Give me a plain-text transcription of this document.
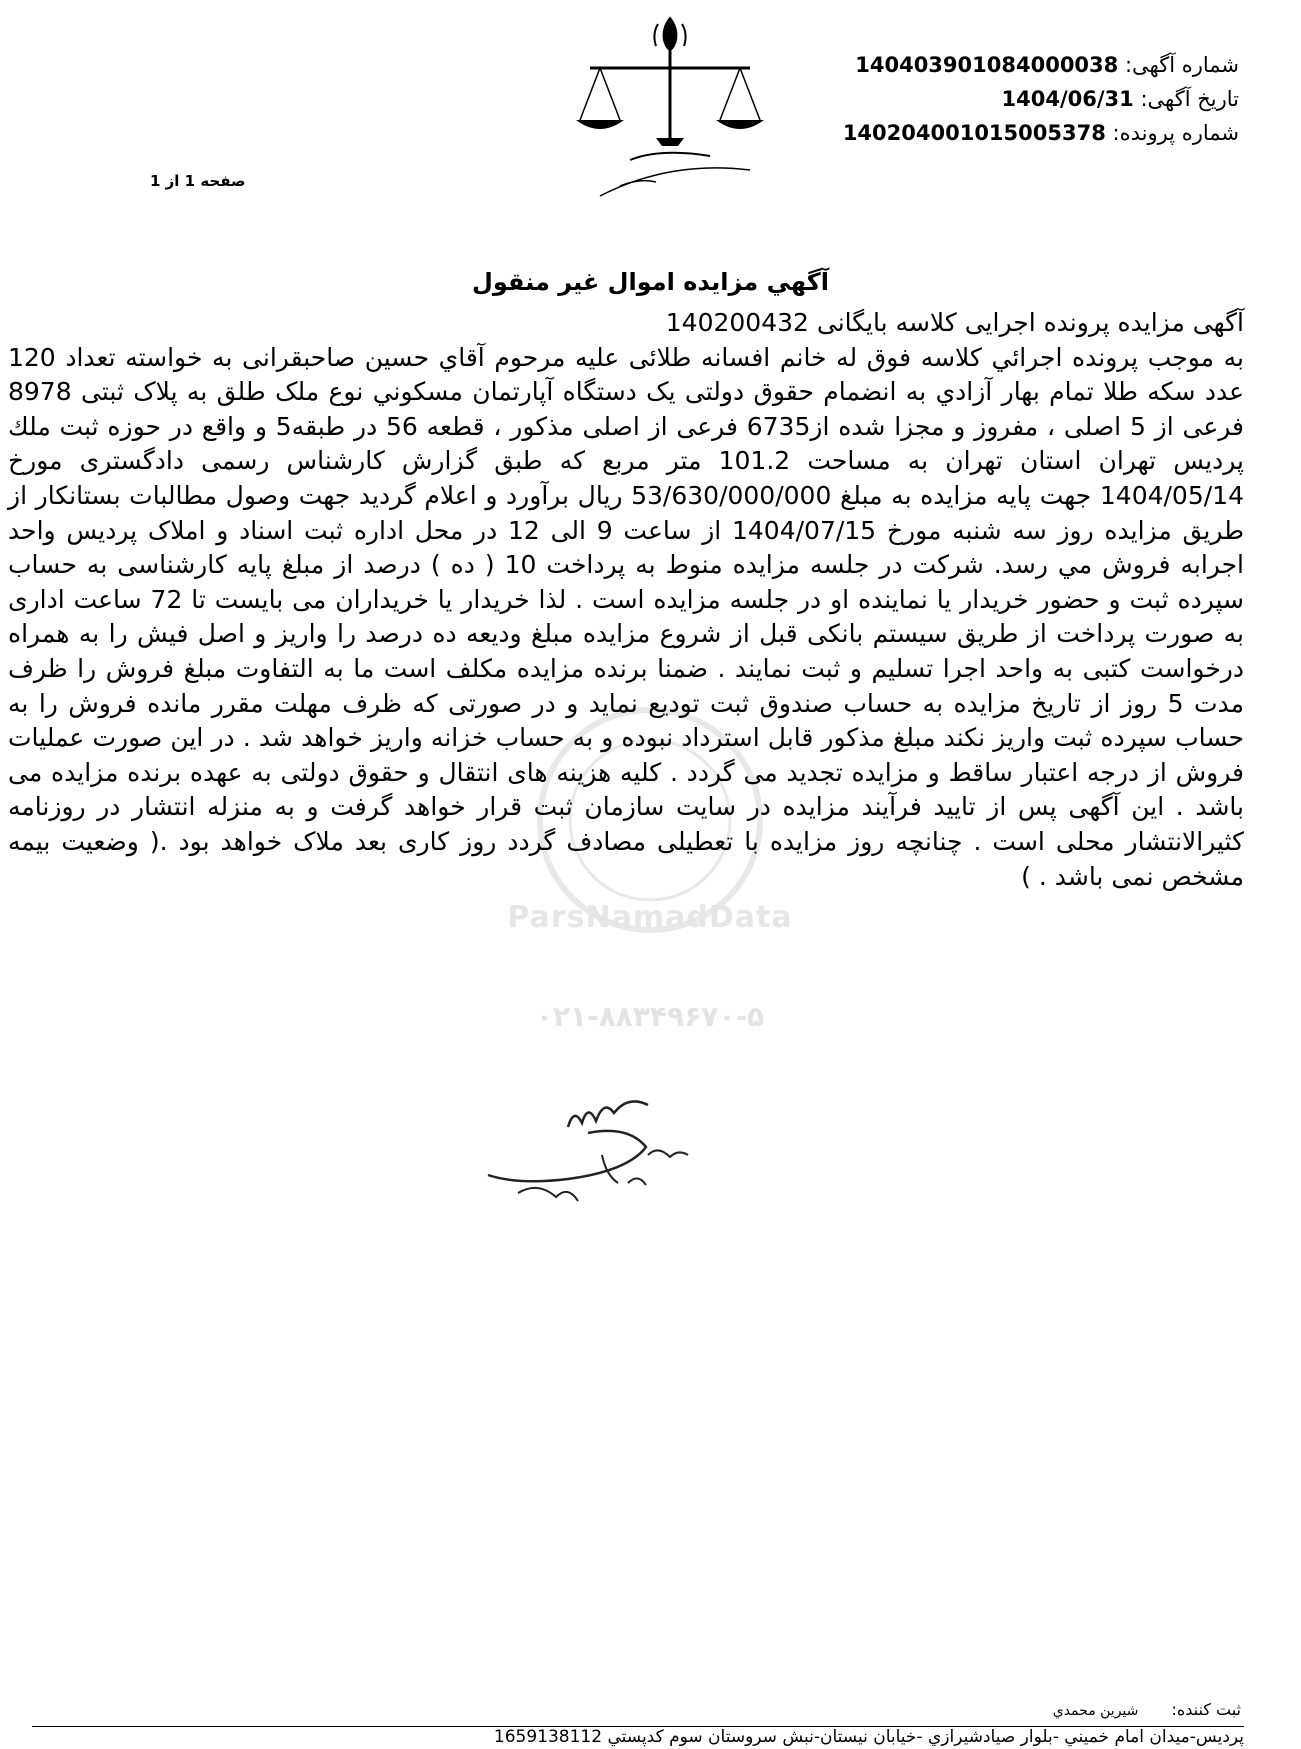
شماره آگهی: 14040390108400003‌8
تاریخ آگهی: 1404/06/31
شماره پرونده: 140204001015005378
صفحه 1 از 1
آگهي مزايده اموال غير منقول
ParsNamadData
۰۲۱-۸۸۳۴۹۶۷۰-۵
آگهی مزایده پرونده اجرایی کلاسه بایگانی 140200432
به موجب پرونده اجرائي كلاسه فوق له خانم افسانه طلائی علیه مرحوم آقاي حسین صاحبقرانی به خواسته تعداد 120 عدد سکه طلا تمام بهار آزادي به انضمام حقوق دولتی یک دستگاه آپارتمان مسكوني نوع ملک طلق به پلاک ثبتی 8978 فرعی از 5 اصلی ، مفروز و مجزا شده از6735 فرعی از اصلی مذکور ، قطعه 56 در طبقه5 و واقع در حوزه ثبت ملك پردیس تهران استان تهران به مساحت 101.2 متر مربع که طبق گزارش کارشناس رسمی دادگستری مورخ 1404/05/14 جهت پایه مزایده به مبلغ 53/630/000/000 ریال برآورد و اعلام گردید جهت وصول مطالبات بستانکار از طریق مزایده روز سه شنبه مورخ 1404/07/15 از ساعت 9 الی 12 در محل اداره ثبت اسناد و املاک پردیس واحد اجرابه فروش مي رسد. شرکت در جلسه مزایده منوط به پرداخت 10 ( ده ) درصد از مبلغ پایه کارشناسی به حساب سپرده ثبت و حضور خریدار یا نماینده او در جلسه مزایده است . لذا خریدار یا خریداران می بایست تا 72 ساعت اداری به صورت پرداخت از طریق سیستم بانکی قبل از شروع مزایده مبلغ ودیعه ده درصد را واریز و اصل فیش را به همراه درخواست کتبی به واحد اجرا تسلیم و ثبت نمایند . ضمنا برنده مزایده مکلف است ما به التفاوت مبلغ فروش را ظرف مدت 5 روز از تاریخ مزایده به حساب صندوق ثبت تودیع نماید و در صورتی که ظرف مهلت مقرر مانده فروش را به حساب سپرده ثبت واریز نکند مبلغ مذکور قابل استرداد نبوده و به حساب خزانه واریز خواهد شد . در این صورت عملیات فروش از درجه اعتبار ساقط و مزایده تجدید می گردد . کلیه هزینه های انتقال و حقوق دولتی به عهده برنده مزایده می باشد . این آگهی پس از تایید فرآیند مزایده در سایت سازمان ثبت قرار خواهد گرفت و به منزله انتشار در روزنامه کثیرالانتشار محلی است . چنانچه روز مزایده با تعطیلی مصادف گردد روز کاری بعد ملاک خواهد بود .( وضعیت بیمه مشخص نمی باشد . )
ثبت کننده: شيرين محمدي
پرديس-ميدان امام خميني -بلوار صيادشيرازي -خيابان نيستان-نبش سروستان سوم کدپستي 1659138112
